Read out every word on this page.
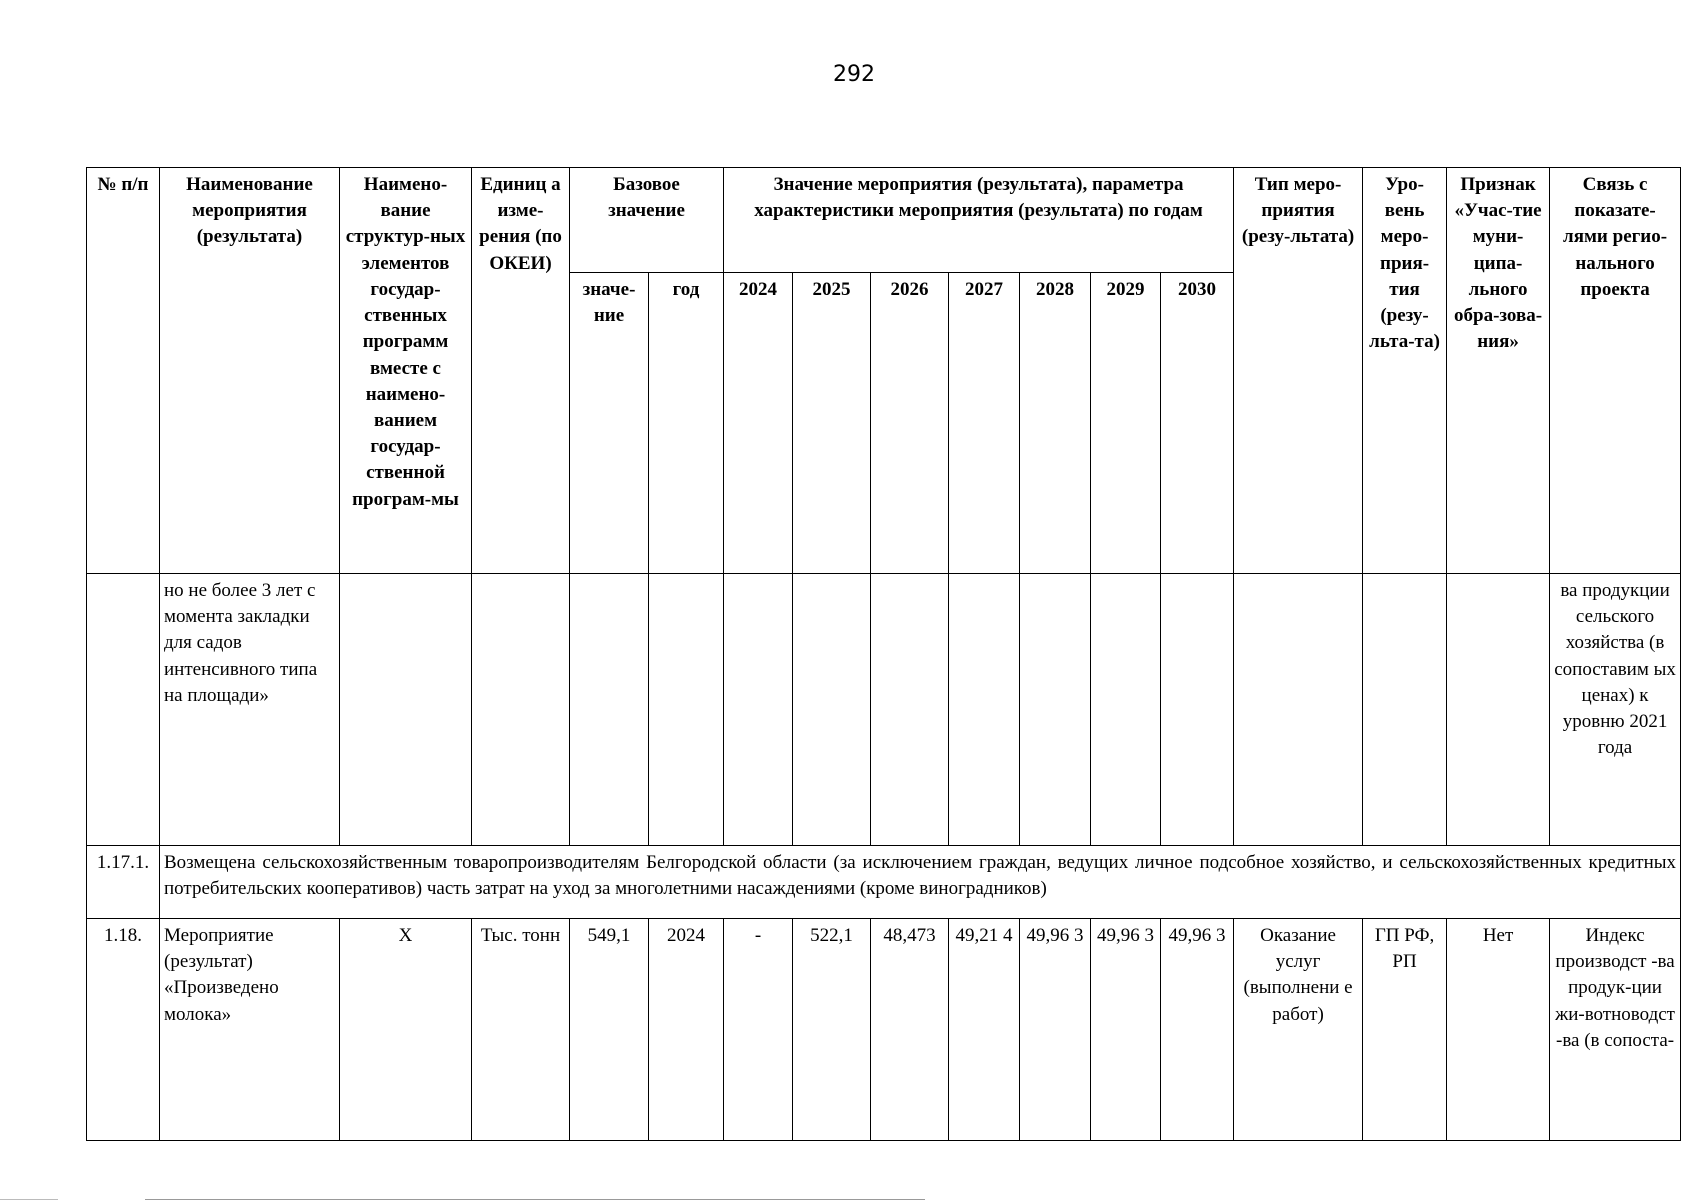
292
№ п/п	Наименование мероприятия (результата)	Наимено-вание структур-ных элементов государ-ственных программ вместе с наимено-ванием государ-ственной програм-мы	Единиц а изме-рения (по ОКЕИ)	Базовое значение		Значение мероприятия (результата), параметра характеристики мероприятия (результата) по годам							Тип меро-приятия (резу-льтата)	Уро-вень меро-прия-тия (резу-льта-та)	Признак «Учас-тие муни-ципа-льного обра-зова-ния»	Связь с показате-лями регио-нального проекта
				значе-ние	год	2024	2025	2026	2027	2028	2029	2030				
	но не более 3 лет с момента закладки для садов интенсивного типа на площади»															ва продукции сельского хозяйства (в сопоставим ых ценах) к уровню 2021 года
1.17.1.	Возмещена сельскохозяйственным товаропроизводителям Белгородской области (за исключением граждан, ведущих личное подсобное хозяйство, и сельскохозяйственных кредитных потребительских кооперативов) часть затрат на уход за многолетними насаждениями (кроме виноградников)															
1.18.	Мероприятие (результат) «Произведено молока»	Х	Тыс. тонн	549,1	2024	-	522,1	48,473	49,21 4	49,96 3	49,96 3	49,96 3	Оказание услуг (выполнени е работ)	ГП РФ, РП	Нет	Индекс производст -ва продук-ции жи-вотноводст -ва (в сопоста-
